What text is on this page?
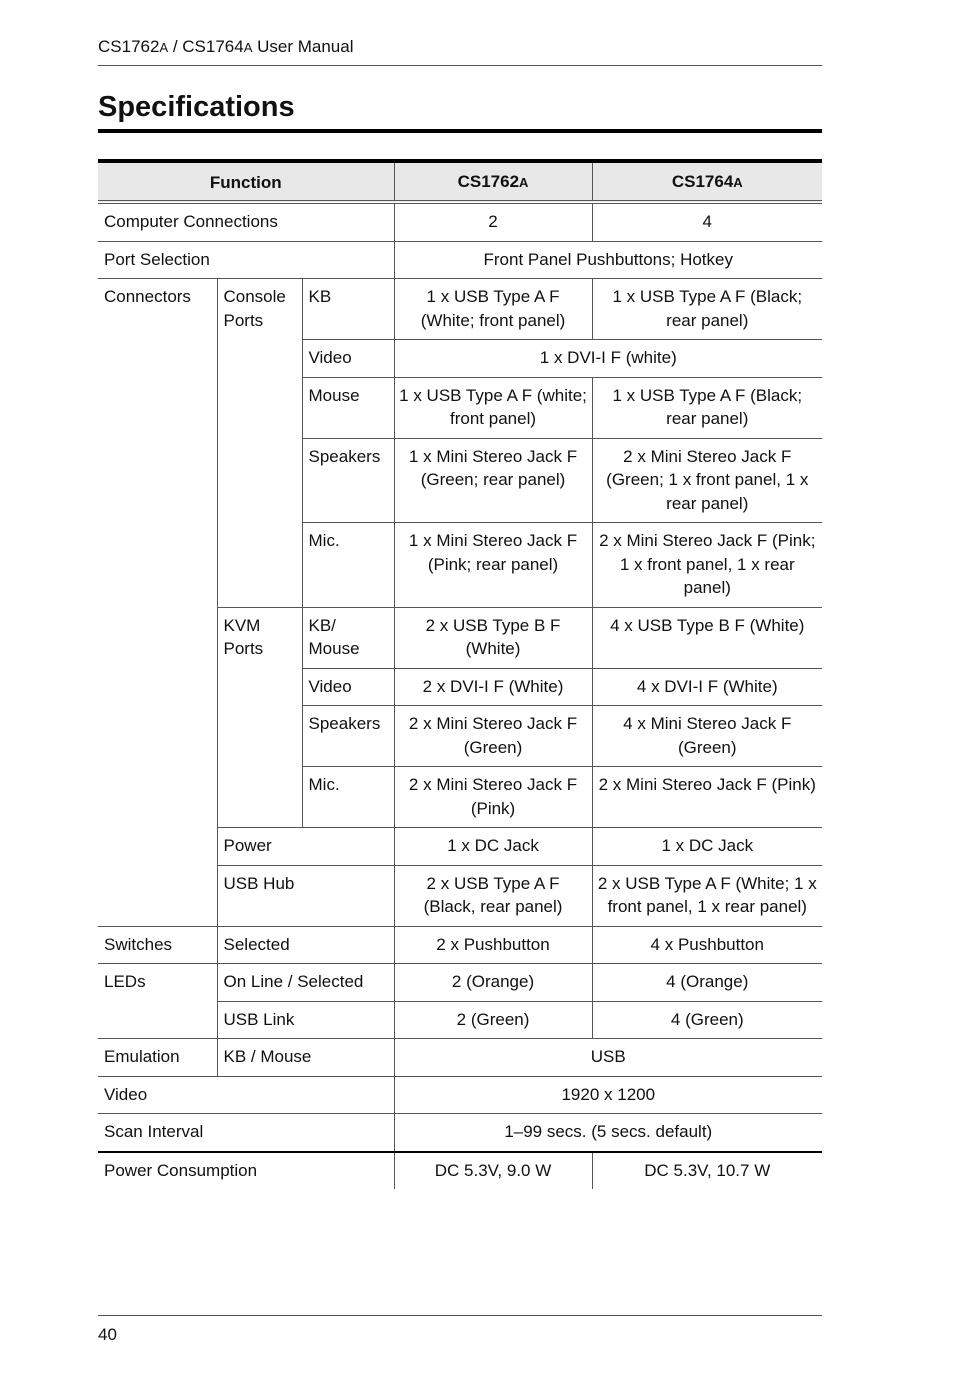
CS1762A / CS1764A User Manual
Specifications
Function			CS1762A	CS1764A
Computer Connections			2	4
Port Selection			Front Panel Pushbuttons; Hotkey	
Connectors	Console Ports	KB	1 x USB Type A F (White; front panel)	1 x USB Type A F (Black; rear panel)
		Video	1 x DVI-I F (white)	
		Mouse	1 x USB Type A F (white; front panel)	1 x USB Type A F (Black; rear panel)
		Speakers	1 x Mini Stereo Jack F (Green; rear panel)	2 x Mini Stereo Jack F (Green; 1 x front panel, 1 x rear panel)
		Mic.	1 x Mini Stereo Jack F (Pink; rear panel)	2 x Mini Stereo Jack F (Pink; 1 x front panel, 1 x rear panel)
	KVM Ports	KB/ Mouse	2 x USB Type B F (White)	4 x USB Type B F (White)
		Video	2 x DVI-I F (White)	4 x DVI-I F (White)
		Speakers	2 x Mini Stereo Jack F (Green)	4 x Mini Stereo Jack F (Green)
		Mic.	2 x Mini Stereo Jack F (Pink)	2 x Mini Stereo Jack F (Pink)
	Power		1 x DC Jack	1 x DC Jack
	USB Hub		2 x USB Type A F (Black, rear panel)	2 x USB Type A F (White; 1 x front panel, 1 x rear panel)
Switches	Selected		2 x Pushbutton	4 x Pushbutton
LEDs	On Line / Selected		2 (Orange)	4 (Orange)
	USB Link		2 (Green)	4 (Green)
Emulation	KB / Mouse		USB	
Video			1920 x 1200	
Scan Interval			1–99 secs. (5 secs. default)	
Power Consumption			DC 5.3V, 9.0 W	DC 5.3V, 10.7 W
40
